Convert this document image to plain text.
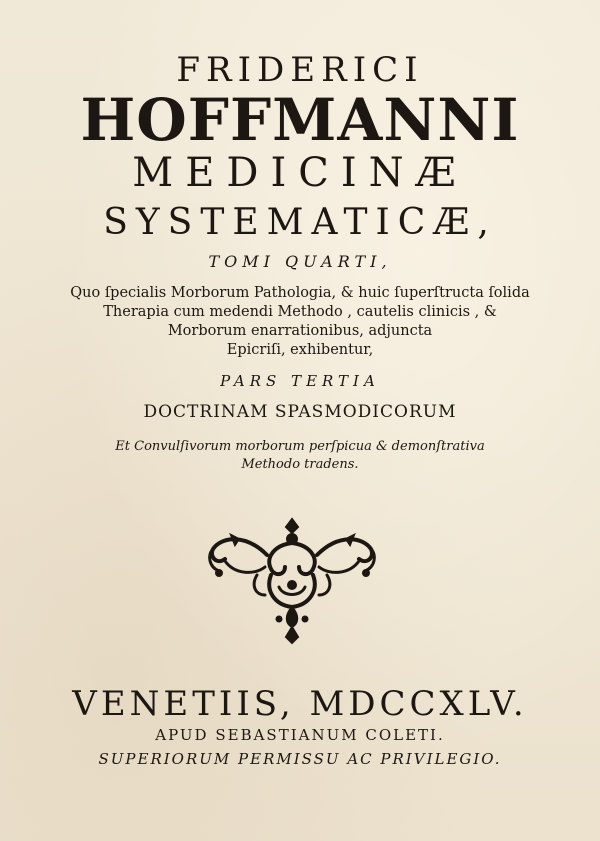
FRIDERICI
HOFFMANNI
MEDICINÆ
SYSTEMATICÆ,
TOMI QUARTI,
Quo ſpecialis Morborum Pathologia, & huic ſuperſtructa ſolida
Therapia cum medendi Methodo , cautelis clinicis , &
Morborum enarrationibus, adjuncta
Epicriſi, exhibentur,
PARS TERTIA
DOCTRINAM SPASMODICORUM
Et Convulſivorum morborum perſpicua & demonſtrativa
Methodo tradens.
VENETIIS, MDCCXLV.
APUD SEBASTIANUM COLETI.
SUPERIORUM PERMISSU AC PRIVILEGIO.
